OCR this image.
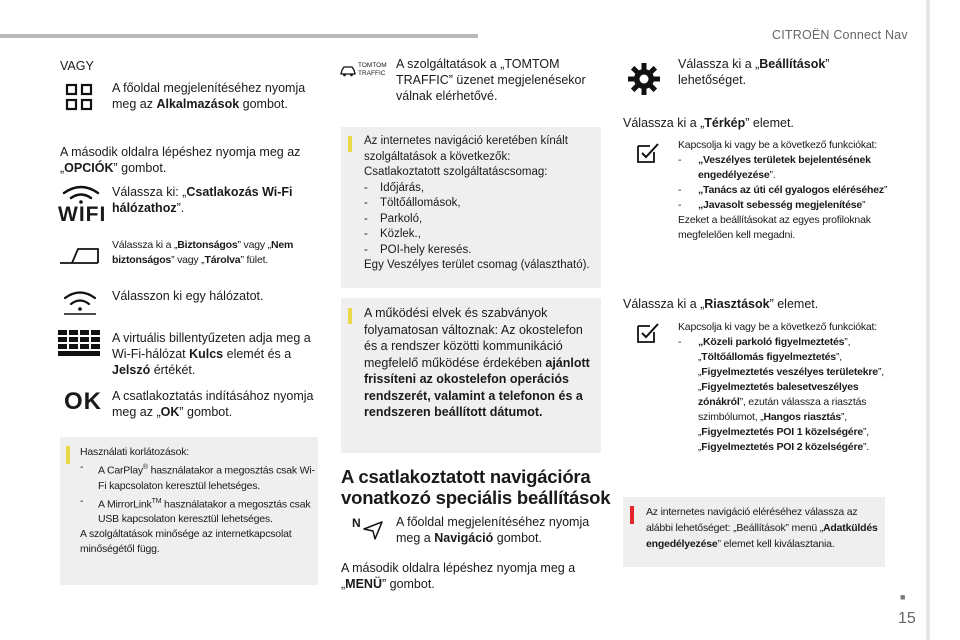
CITROËN Connect Nav
VAGY
A főoldal megjelenítéséhez nyomja meg az Alkalmazások gombot.
A második oldalra lépéshez nyomja meg az „OPCIÓK” gombot.
WIFI
Válassza ki: „Csatlakozás Wi-Fi hálózathoz”.
Válassza ki a „Biztonságos” vagy „Nem biztonságos” vagy „Tárolva” fület.
Válasszon ki egy hálózatot.
A virtuális billentyűzeten adja meg a Wi-Fi-hálózat Kulcs elemét és a Jelszó értékét.
OK A csatlakoztatás indításához nyomja meg az „OK” gombot.
Használati korlátozások:
- A CarPlay® használatakor a megosztás csak Wi-Fi kapcsolaton keresztül lehetséges.
- A MirrorLink™ használatakor a megosztás csak USB kapcsolaton keresztül lehetséges.
A szolgáltatások minősége az internetkapcsolat minőségétől függ.
TOMTOM
TRAFFIC
A szolgáltatások a „TOMTOM TRAFFIC” üzenet megjelenésekor válnak elérhetővé.
Az internetes navigáció keretében kínált szolgáltatások a következők:
Csatlakoztatott szolgáltatáscsomag:
- Időjárás,
- Töltőállomások,
- Parkoló,
- Közlek.,
- POI-hely keresés.
Egy Veszélyes terület csomag (választható).
A működési elvek és szabványok folyamatosan változnak: Az okostelefon és a rendszer közötti kommunikáció megfelelő működése érdekében ajánlott frissíteni az okostelefon operációs rendszerét, valamint a telefonon és a rendszeren beállított dátumot.
A csatlakoztatott navigációra vonatkozó speciális beállítások
N	A főoldal megjelenítéséhez nyomja meg a Navigáció gombot.
A második oldalra lépéshez nyomja meg a „MENÜ” gombot.
Válassza ki a „Beállítások” lehetőséget.
Válassza ki a „Térkép” elemet.
Kapcsolja ki vagy be a következő funkciókat:
- „Veszélyes területek bejelentésének engedélyezése”.
- „Tanács az úti cél gyalogos eléréséhez”
- „Javasolt sebesség megjelenítése”
Ezeket a beállításokat az egyes profiloknak megfelelően kell megadni.
Válassza ki a „Riasztások” elemet.
Kapcsolja ki vagy be a következő funkciókat:
- „Közeli parkoló figyelmeztetés”, „Töltőállomás figyelmeztetés”, „Figyelmeztetés veszélyes területekre”, „Figyelmeztetés balesetveszélyes zónákról”, ezután válassza a riasztás szimbólumot, „Hangos riasztás”, „Figyelmeztetés POI 1 közelségére”, „Figyelmeztetés POI 2 közelségére”.
Az internetes navigáció eléréséhez válassza az alábbi lehetőséget: „Beállítások” menü „Adatküldés engedélyezése” elemet kell kiválasztania.
■
15
